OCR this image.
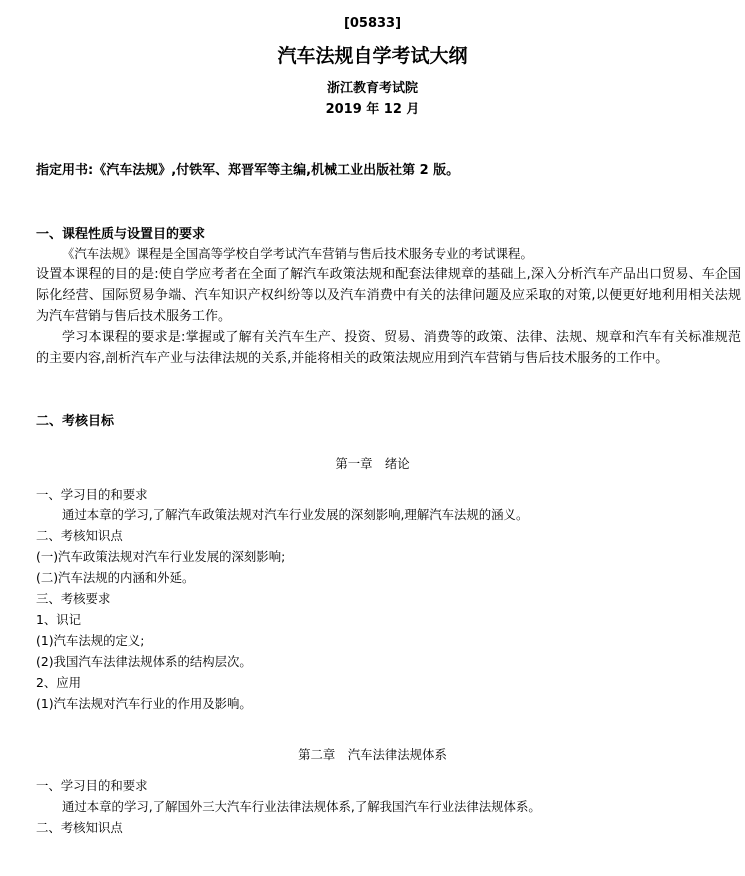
[05833]
汽车法规自学考试大纲
浙江教育考试院
2019 年 12 月
指定用书:《汽车法规》,付铁军、郑晋军等主编,机械工业出版社第 2 版。
一、课程性质与设置目的要求
《汽车法规》课程是全国高等学校自学考试汽车营销与售后技术服务专业的考试课程。
设置本课程的目的是:使自学应考者在全面了解汽车政策法规和配套法律规章的基础上,深入分析汽车产品出口贸易、车企国际化经营、国际贸易争端、汽车知识产权纠纷等以及汽车消费中有关的法律问题及应采取的对策,以便更好地利用相关法规为汽车营销与售后技术服务工作。
学习本课程的要求是:掌握或了解有关汽车生产、投资、贸易、消费等的政策、法律、法规、规章和汽车有关标准规范的主要内容,剖析汽车产业与法律法规的关系,并能将相关的政策法规应用到汽车营销与售后技术服务的工作中。
二、考核目标
第一章　绪论
一、学习目的和要求
通过本章的学习,了解汽车政策法规对汽车行业发展的深刻影响,理解汽车法规的涵义。
二、考核知识点
(一)汽车政策法规对汽车行业发展的深刻影响;
(二)汽车法规的内涵和外延。
三、考核要求
1、识记
(1)汽车法规的定义;
(2)我国汽车法律法规体系的结构层次。
2、应用
(1)汽车法规对汽车行业的作用及影响。
第二章　汽车法律法规体系
一、学习目的和要求
通过本章的学习,了解国外三大汽车行业法律法规体系,了解我国汽车行业法律法规体系。
二、考核知识点
